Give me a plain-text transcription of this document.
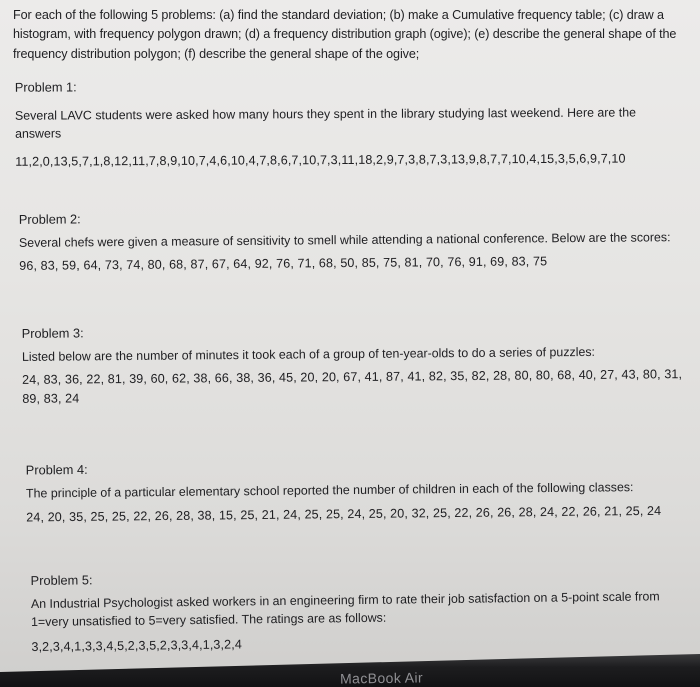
For each of the following 5 problems: (a) find the standard deviation; (b) make a Cumulative frequency table; (c) draw a histogram, with frequency polygon drawn; (d) a frequency distribution graph (ogive); (e) describe the general shape of the frequency distribution polygon; (f) describe the general shape of the ogive;
Problem 1:
Several LAVC students were asked how many hours they spent in the library studying last weekend. Here are the answers
11,2,0,13,5,7,1,8,12,11,7,8,9,10,7,4,6,10,4,7,8,6,7,10,7,3,11,18,2,9,7,3,8,7,3,13,9,8,7,7,10,4,15,3,5,6,9,7,10
Problem 2:
Several chefs were given a measure of sensitivity to smell while attending a national conference. Below are the scores:
96, 83, 59, 64, 73, 74, 80, 68, 87, 67, 64, 92, 76, 71, 68, 50, 85, 75, 81, 70, 76, 91, 69, 83, 75
Problem 3:
Listed below are the number of minutes it took each of a group of ten-year-olds to do a series of puzzles:
24, 83, 36, 22, 81, 39, 60, 62, 38, 66, 38, 36, 45, 20, 20, 67, 41, 87, 41, 82, 35, 82, 28, 80, 80, 68, 40, 27, 43, 80, 31, 89, 83, 24
Problem 4:
The principle of a particular elementary school reported the number of children in each of the following classes:
24, 20, 35, 25, 25, 22, 26, 28, 38, 15, 25, 21, 24, 25, 25, 24, 25, 20, 32, 25, 22, 26, 26, 28, 24, 22, 26, 21, 25, 24
Problem 5:
An Industrial Psychologist asked workers in an engineering firm to rate their job satisfaction on a 5-point scale from 1=very unsatisfied to 5=very satisfied. The ratings are as follows:
3,2,3,4,1,3,3,4,5,2,3,5,2,3,3,4,1,3,2,4
MacBook Air
